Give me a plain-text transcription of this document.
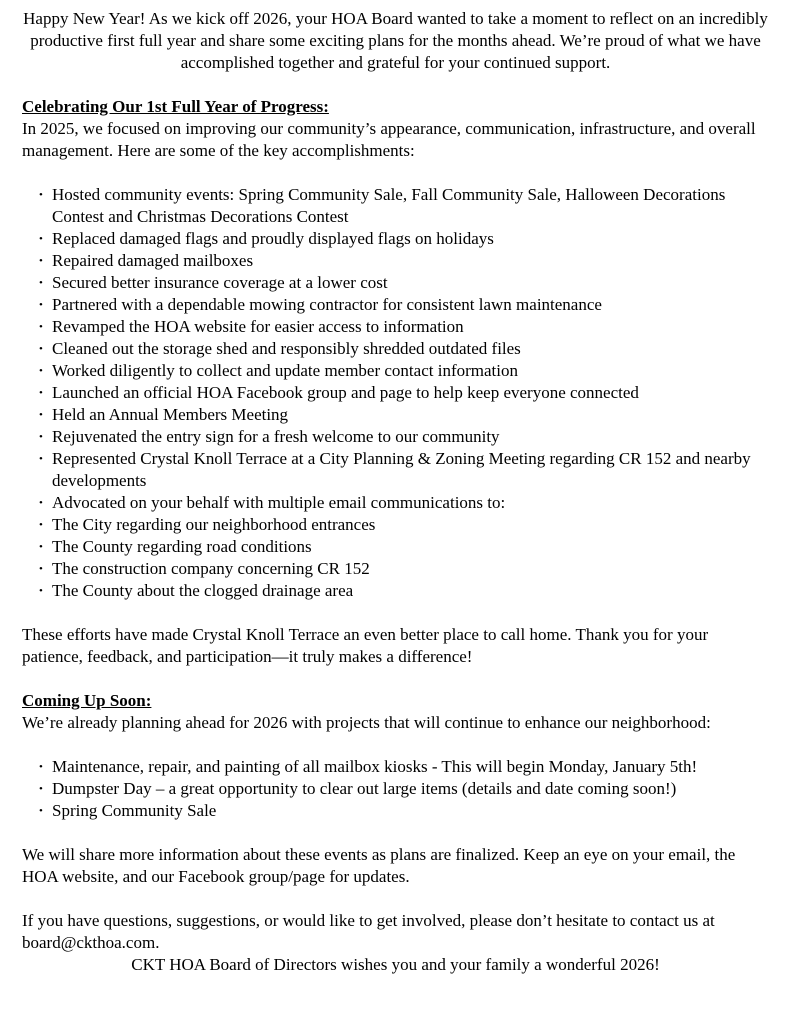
Happy New Year! As we kick off 2026, your HOA Board wanted to take a moment to reflect on an incredibly productive first full year and share some exciting plans for the months ahead. We’re proud of what we have accomplished together and grateful for your continued support.

Celebrating Our 1st Full Year of Progress:

In 2025, we focused on improving our community’s appearance, communication, infrastructure, and overall management. Here are some of the key accomplishments:

• Hosted community events: Spring Community Sale, Fall Community Sale, Halloween Decorations Contest and Christmas Decorations Contest
• Replaced damaged flags and proudly displayed flags on holidays
• Repaired damaged mailboxes
• Secured better insurance coverage at a lower cost
• Partnered with a dependable mowing contractor for consistent lawn maintenance
• Revamped the HOA website for easier access to information
• Cleaned out the storage shed and responsibly shredded outdated files
• Worked diligently to collect and update member contact information
• Launched an official HOA Facebook group and page to help keep everyone connected
• Held an Annual Members Meeting
• Rejuvenated the entry sign for a fresh welcome to our community
• Represented Crystal Knoll Terrace at a City Planning & Zoning Meeting regarding CR 152 and nearby developments
• Advocated on your behalf with multiple email communications to:
• The City regarding our neighborhood entrances
• The County regarding road conditions
• The construction company concerning CR 152
• The County about the clogged drainage area

These efforts have made Crystal Knoll Terrace an even better place to call home. Thank you for your patience, feedback, and participation—it truly makes a difference!

Coming Up Soon:

We’re already planning ahead for 2026 with projects that will continue to enhance our neighborhood:

• Maintenance, repair, and painting of all mailbox kiosks - This will begin Monday, January 5th!
• Dumpster Day – a great opportunity to clear out large items (details and date coming soon!)
• Spring Community Sale

We will share more information about these events as plans are finalized. Keep an eye on your email, the HOA website, and our Facebook group/page for updates.

If you have questions, suggestions, or would like to get involved, please don’t hesitate to contact us at board@ckthoa.com.

CKT HOA Board of Directors wishes you and your family a wonderful 2026!
